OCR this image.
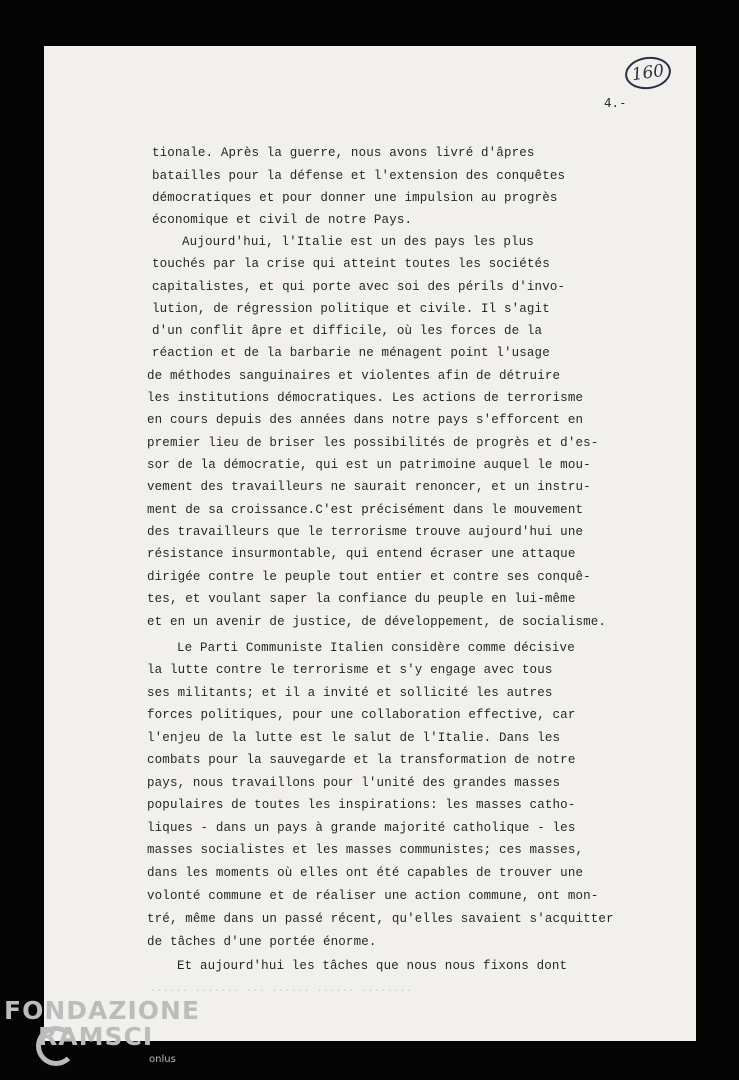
160
4.-
tionale. Après la guerre, nous avons livré d'âpres
batailles pour la défense et l'extension des conquêtes
démocratiques et pour donner une impulsion au progrès
économique et civil de notre Pays.
Aujourd'hui, l'Italie est un des pays les plus
touchés par la crise qui atteint toutes les sociétés
capitalistes, et qui porte avec soi des périls d'invo-
lution, de régression politique et civile. Il s'agit
d'un conflit âpre et difficile, où les forces de la
réaction et de la barbarie ne ménagent point l'usage
de méthodes sanguinaires et violentes afin de détruire
les institutions démocratiques. Les actions de terrorisme
en cours depuis des années dans notre pays s'efforcent en
premier lieu de briser les possibilités de progrès et d'es-
sor de la démocratie, qui est un patrimoine auquel le mou-
vement des travailleurs ne saurait renoncer, et un instru-
ment de sa croissance.C'est précisément dans le mouvement
des travailleurs que le terrorisme trouve aujourd'hui une
résistance insurmontable, qui entend écraser une attaque
dirigée contre le peuple tout entier et contre ses conquê-
tes, et voulant saper la confiance du peuple en lui-même
et en un avenir de justice, de développement, de socialisme.
Le Parti Communiste Italien considère comme décisive
la lutte contre le terrorisme et s'y engage avec tous
ses militants; et il a invité et sollicité les autres
forces politiques, pour une collaboration effective, car
l'enjeu de la lutte est le salut de l'Italie. Dans les
combats pour la sauvegarde et la transformation de notre
pays, nous travaillons pour l'unité des grandes masses
populaires de toutes les inspirations: les masses catho-
liques - dans un pays à grande majorité catholique - les
masses socialistes et les masses communistes; ces masses,
dans les moments où elles ont été capables de trouver une
volonté commune et de réaliser une action commune, ont mon-
tré, même dans un passé récent, qu'elles savaient s'acquitter
de tâches d'une portée énorme.
Et aujourd'hui les tâches que nous nous fixons dont
...... ....... ... ...... ...... ........
FONDAZIONE
RAMSCI
onlus
